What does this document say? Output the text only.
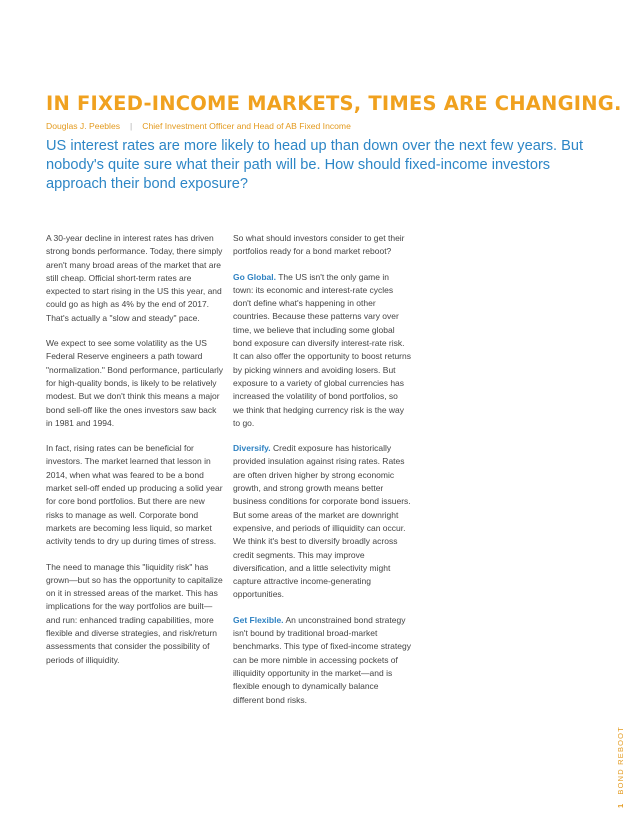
IN FIXED-INCOME MARKETS, TIMES ARE CHANGING.
Douglas J. Peebles | Chief Investment Officer and Head of AB Fixed Income

US interest rates are more likely to head up than down over the next few years. But nobody's quite sure what their path will be. How should fixed-income investors approach their bond exposure?

A 30-year decline in interest rates has driven strong bonds performance. Today, there simply aren't many broad areas of the market that are still cheap. Official short-term rates are expected to start rising in the US this year, and could go as high as 4% by the end of 2017. That's actually a "slow and steady" pace.

We expect to see some volatility as the US Federal Reserve engineers a path toward "normalization." Bond performance, particularly for high-quality bonds, is likely to be relatively modest. But we don't think this means a major bond sell-off like the ones investors saw back in 1981 and 1994.

In fact, rising rates can be beneficial for investors. The market learned that lesson in 2014, when what was feared to be a bond market sell-off ended up producing a solid year for core bond portfolios. But there are new risks to manage as well. Corporate bond markets are becoming less liquid, so market activity tends to dry up during times of stress.

The need to manage this "liquidity risk" has grown—but so has the opportunity to capitalize on it in stressed areas of the market. This has implications for the way portfolios are built—and run: enhanced trading capabilities, more flexible and diverse strategies, and risk/return assessments that consider the possibility of periods of illiquidity.

So what should investors consider to get their portfolios ready for a bond market reboot?

Go Global. The US isn't the only game in town: its economic and interest-rate cycles don't define what's happening in other countries. Because these patterns vary over time, we believe that including some global bond exposure can diversify interest-rate risk. It can also offer the opportunity to boost returns by picking winners and avoiding losers. But exposure to a variety of global currencies has increased the volatility of bond portfolios, so we think that hedging currency risk is the way to go.

Diversify. Credit exposure has historically provided insulation against rising rates. Rates are often driven higher by strong economic growth, and strong growth means better business conditions for corporate bond issuers. But some areas of the market are downright expensive, and periods of illiquidity can occur. We think it's best to diversify broadly across credit segments. This may improve diversification, and a little selectivity might capture attractive income-generating opportunities.

Get Flexible. An unconstrained bond strategy isn't bound by traditional broad-market benchmarks. This type of fixed-income strategy can be more nimble in accessing pockets of illiquidity opportunity in the market—and is flexible enough to dynamically balance different bond risks.

1BOND REBOOT
